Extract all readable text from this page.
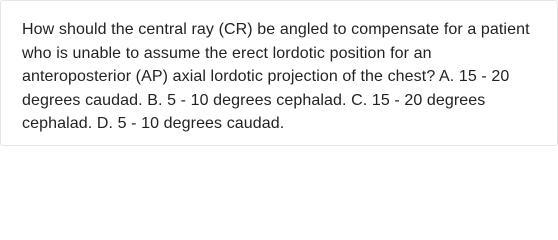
How should the central ray (CR) be angled to compensate for a patient who is unable to assume the erect lordotic position for an anteroposterior (AP) axial lordotic projection of the chest? A. 15 - 20 degrees caudad. B. 5 - 10 degrees cephalad. C. 15 - 20 degrees cephalad. D. 5 - 10 degrees caudad.
